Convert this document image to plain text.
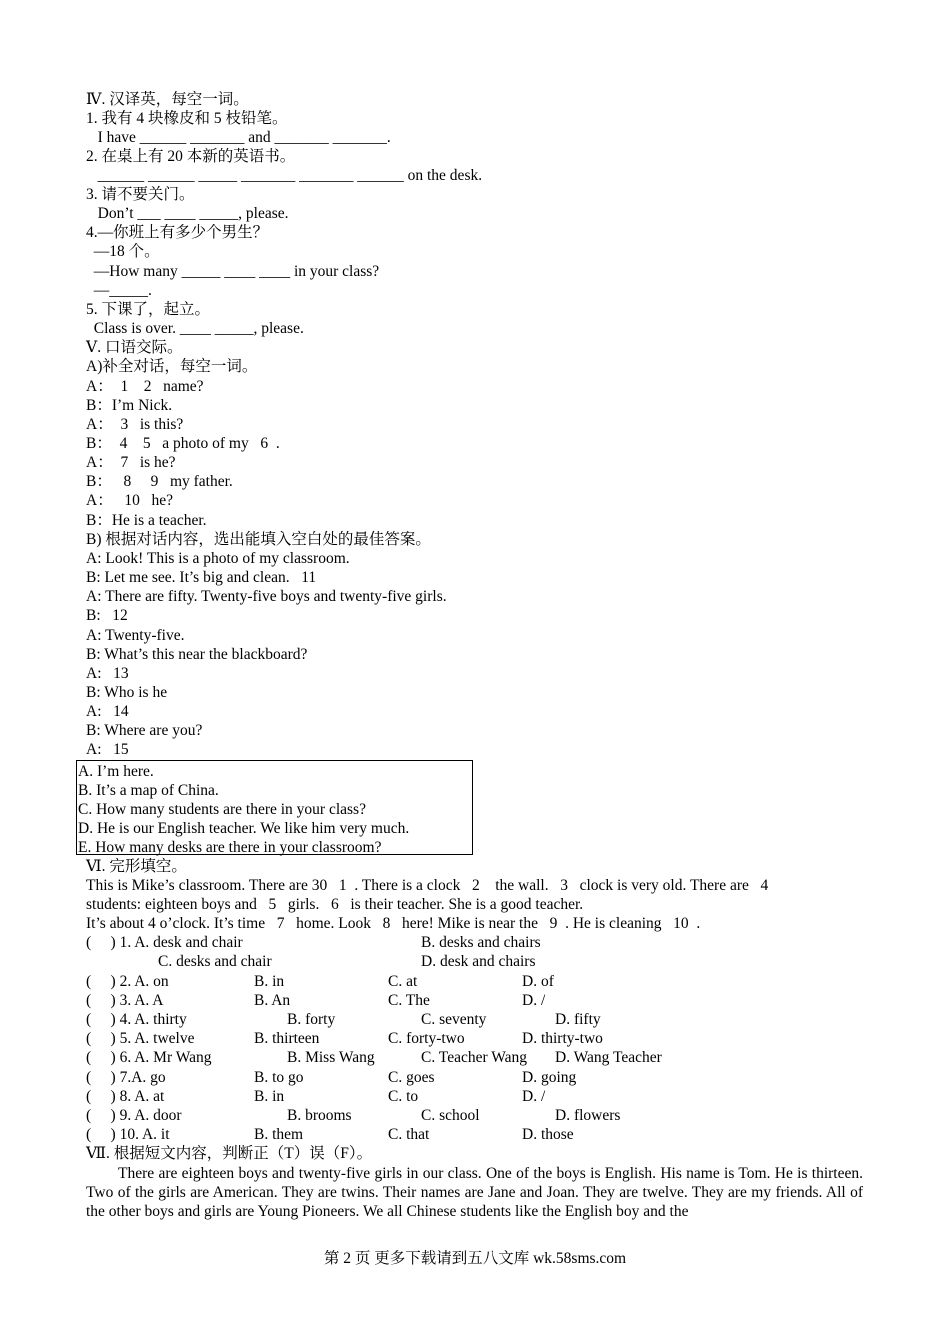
Ⅳ. 汉译英，每空一词。
1. 我有 4 块橡皮和 5 枝铅笔。
I have ______ _______ and _______ _______.
2. 在桌上有 20 本新的英语书。
______ ______ _____ _______ _______ ______ on the desk.
3. 请不要关门。
Don’t ___ ____ _____, please.
4.—你班上有多少个男生？
—18 个。
—How many _____ ____ ____ in your class?
—_____.
5. 下课了，起立。
Class is over. ____ _____, please.
Ⅴ. 口语交际。
A)补全对话，每空一词。
A：  1    2   name?
B：I’m Nick.
A：  3   is this?
B：  4    5   a photo of my   6  .
A：  7   is he?
B：   8     9   my father.
A：   10   he?
B：He is a teacher.
B) 根据对话内容，选出能填入空白处的最佳答案。
A: Look! This is a photo of my classroom.
B: Let me see. It’s big and clean.   11
A: There are fifty. Twenty-five boys and twenty-five girls.
B:   12
A: Twenty-five.
B: What’s this near the blackboard?
A:   13
B: Who is he
A:   14
B: Where are you?
A:   15
A. I’m here.
B. It’s a map of China.
C. How many students are there in your class?
D. He is our English teacher. We like him very much.
E. How many desks are there in your classroom?
Ⅵ. 完形填空。
This is Mike’s classroom. There are 30   1  . There is a clock   2    the wall.   3   clock is very old. There are   4
students: eighteen boys and   5   girls.   6   is their teacher. She is a good teacher.
It’s about 4 o’clock. It’s time   7   home. Look   8   here! Mike is near the   9  . He is cleaning   10  .
(     ) 1. A. desk and chair	B. desks and chairs
C. desks and chair	D. desk and chairs
(     ) 2. A. on	B. in	C. at	D. of
(     ) 3. A. A	B. An	C. The	D. /
(     ) 4. A. thirty	B. forty	C. seventy	D. fifty
(     ) 5. A. twelve	B. thirteen	C. forty-two	D. thirty-two
(     ) 6. A. Mr Wang	B. Miss Wang	C. Teacher Wang D. Wang Teacher
(     ) 7.A. go	B. to go	C. goes	D. going
(     ) 8. A. at	B. in	C. to	D. /
(     ) 9. A. door	B. brooms	C. school	D. flowers
(     ) 10. A. it	B. them	C. that	D. those
Ⅶ. 根据短文内容，判断正（T）误（F）。
There are eighteen boys and twenty-five girls in our class. One of the boys is English. His name is Tom. He is thirteen. Two of the girls are American. They are twins. Their names are Jane and Joan. They are twelve. They are my friends. All of the other boys and girls are Young Pioneers. We all Chinese students like the English boy and the
第 2 页 更多下载请到五八文库 wk.58sms.com
